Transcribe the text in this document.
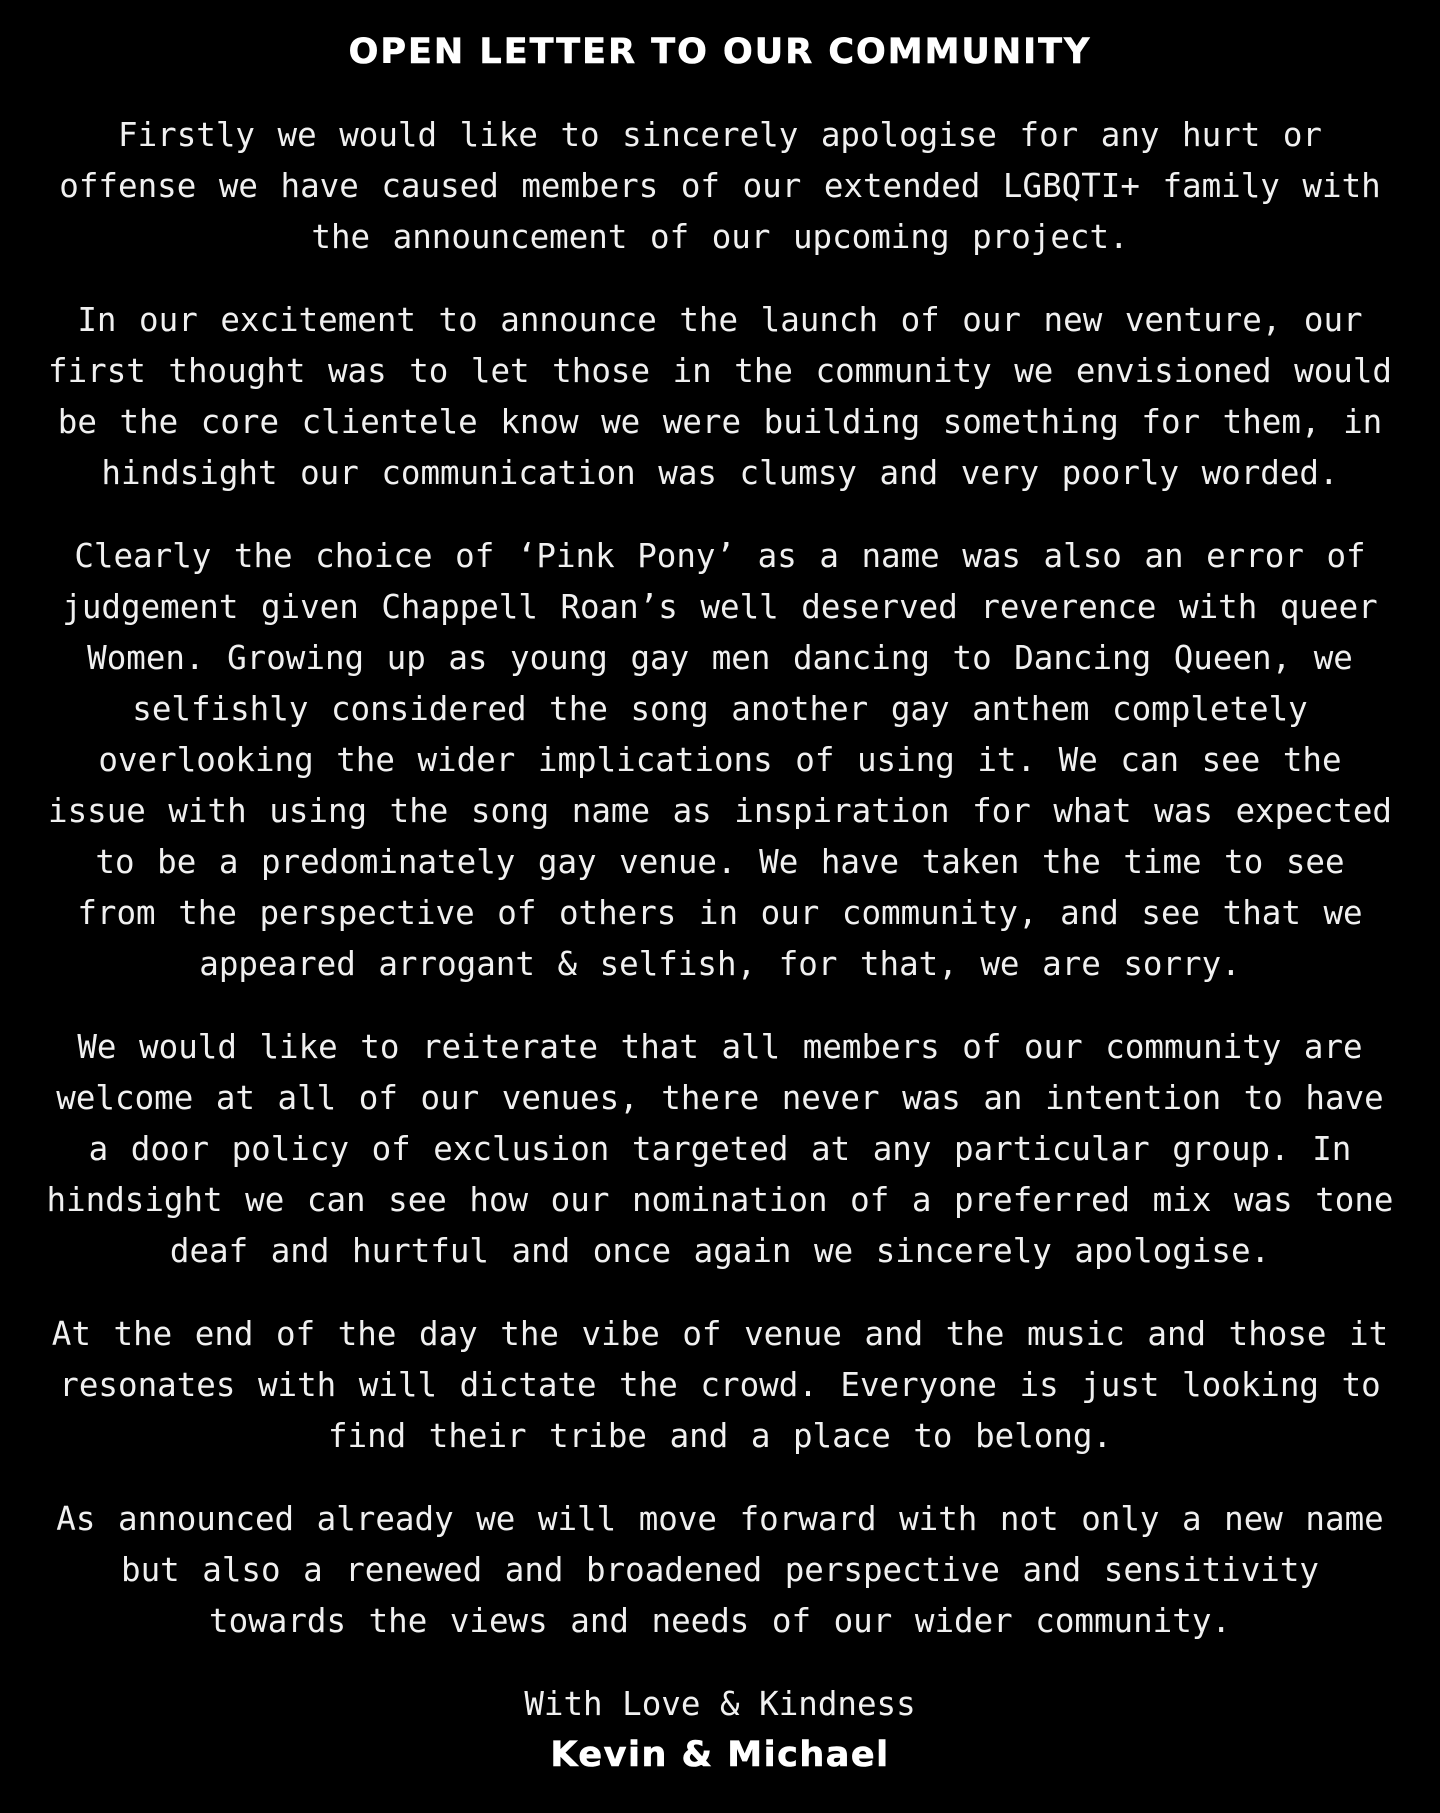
OPEN LETTER TO OUR COMMUNITY

Firstly we would like to sincerely apologise for any hurt or
offense we have caused members of our extended LGBQTI+ family with
the announcement of our upcoming project.

In our excitement to announce the launch of our new venture, our
first thought was to let those in the community we envisioned would
be the core clientele know we were building something for them, in
hindsight our communication was clumsy and very poorly worded.

Clearly the choice of ‘Pink Pony’ as a name was also an error of
judgement given Chappell Roan’s well deserved reverence with queer
Women. Growing up as young gay men dancing to Dancing Queen, we
selfishly considered the song another gay anthem completely
overlooking the wider implications of using it. We can see the
issue with using the song name as inspiration for what was expected
to be a predominately gay venue. We have taken the time to see
from the perspective of others in our community, and see that we
appeared arrogant & selfish, for that, we are sorry.

We would like to reiterate that all members of our community are
welcome at all of our venues, there never was an intention to have
a door policy of exclusion targeted at any particular group. In
hindsight we can see how our nomination of a preferred mix was tone
deaf and hurtful and once again we sincerely apologise.

At the end of the day the vibe of venue and the music and those it
resonates with will dictate the crowd. Everyone is just looking to
find their tribe and a place to belong.

As announced already we will move forward with not only a new name
but also a renewed and broadened perspective and sensitivity
towards the views and needs of our wider community.

With Love & Kindness

Kevin & Michael
